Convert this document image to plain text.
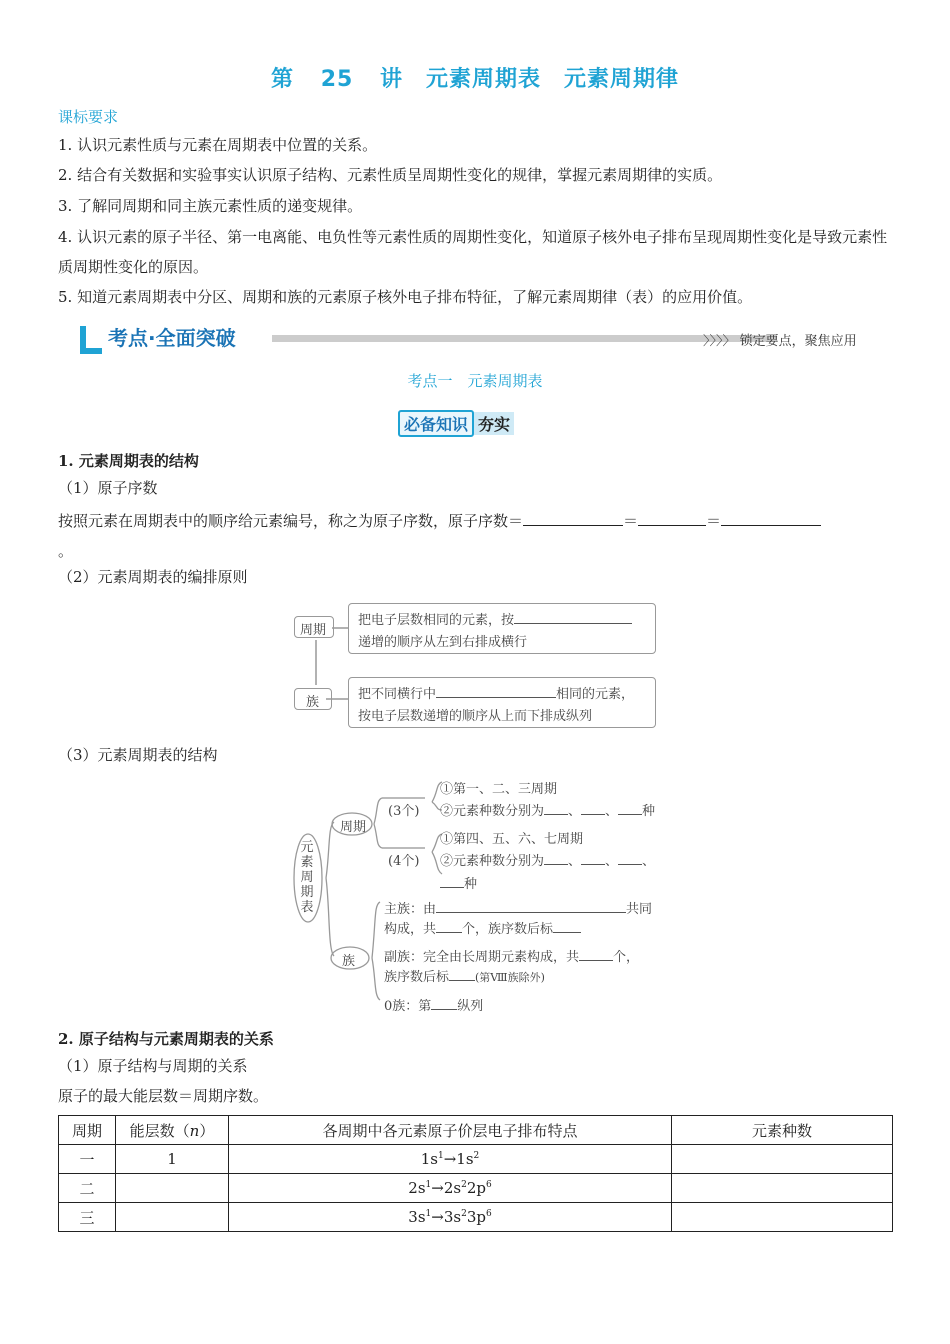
第 25 讲　元素周期表　元素周期律
课标要求
1. 认识元素性质与元素在周期表中位置的关系。
2. 结合有关数据和实验事实认识原子结构、元素性质呈周期性变化的规律，掌握元素周期律的实质。
3. 了解同周期和同主族元素性质的递变规律。
4. 认识元素的原子半径、第一电离能、电负性等元素性质的周期性变化，知道原子核外电子排布呈现周期性变化是导致元素性质周期性变化的原因。
5. 知道元素周期表中分区、周期和族的元素原子核外电子排布特征，了解元素周期律（表）的应用价值。
考点·全面突破	〉〉〉〉 锁定要点，聚焦应用
考点一　元素周期表
必备知识 夯实
1. 元素周期表的结构
（1）原子序数
按照元素在周期表中的顺序给元素编号，称之为原子序数，原子序数＝	＝	＝
。
（2）元素周期表的编排原则
周期
把电子层数相同的元素，按
递增的顺序从左到右排成横行
族
把不同横行中	相同的元素，
按电子层数递增的顺序从上而下排成纵列
（3）元素周期表的结构
元素周期表
周期
族
(3个)
①第一、二、三周期
②元素种数分别为 、 、 种
(4个)
①第四、五、六、七周期
②元素种数分别为 、 、 、
种
主族：由	共同
构成，共 个，族序数后标
副族：完全由长周期元素构成，共	个，
族序数后标 (第Ⅷ族除外)
0族：第 纵列
2. 原子结构与元素周期表的关系
（1）原子结构与周期的关系
原子的最大能层数＝周期序数。
周期	能层数（n）	各周期中各元素原子价层电子排布特点	元素种数
一	1	$1s^1\to 1s^2$	
二		$2s^1\to 2s^22p^6$	
三		$3s^1\to 3s^23p^6$	
